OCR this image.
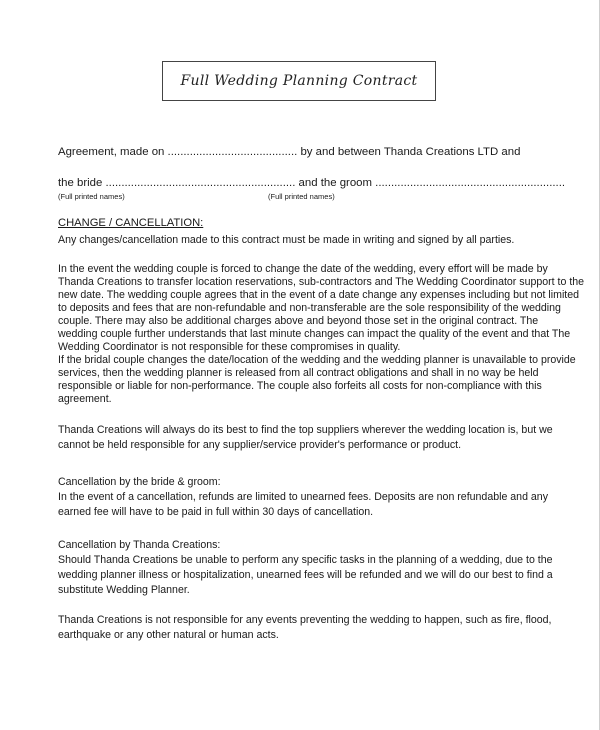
Full Wedding Planning Contract
Agreement, made on ......................................... by and between Thanda Creations LTD and
the bride ............................................................ and the groom ............................................................
(Full printed names)	(Full printed names)
CHANGE / CANCELLATION:
Any changes/cancellation made to this contract must be made in writing and signed by all parties.
In the event the wedding couple is forced to change the date of the wedding, every effort will be made by
Thanda Creations to transfer location reservations, sub-contractors and The Wedding Coordinator support to the
new date. The wedding couple agrees that in the event of a date change any expenses including but not limited
to deposits and fees that are non-refundable and non-transferable are the sole responsibility of the wedding
couple. There may also be additional charges above and beyond those set in the original contract. The
wedding couple further understands that last minute changes can impact the quality of the event and that The
Wedding Coordinator is not responsible for these compromises in quality.
If the bridal couple changes the date/location of the wedding and the wedding planner is unavailable to provide
services, then the wedding planner is released from all contract obligations and shall in no way be held
responsible or liable for non-performance. The couple also forfeits all costs for non-compliance with this
agreement.
Thanda Creations will always do its best to find the top suppliers wherever the wedding location is, but we
cannot be held responsible for any supplier/service provider's performance or product.
Cancellation by the bride & groom:
In the event of a cancellation, refunds are limited to unearned fees. Deposits are non refundable and any
earned fee will have to be paid in full within 30 days of cancellation.
Cancellation by Thanda Creations:
Should Thanda Creations be unable to perform any specific tasks in the planning of a wedding, due to the
wedding planner illness or hospitalization, unearned fees will be refunded and we will do our best to find a
substitute Wedding Planner.
Thanda Creations is not responsible for any events preventing the wedding to happen, such as fire, flood,
earthquake or any other natural or human acts.
